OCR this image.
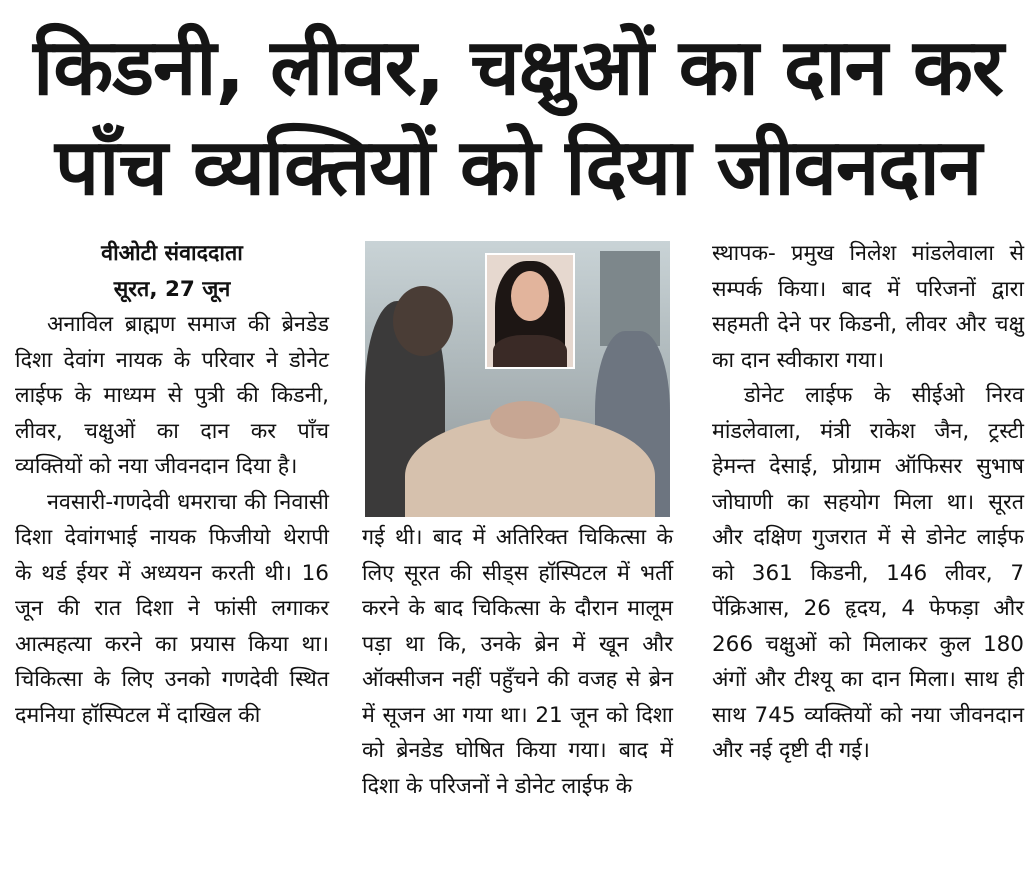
किडनी, लीवर, चक्षुओं का दान कर
पाँच व्यक्तियों को दिया जीवनदान

वीओटी संवाददाता

सूरत, 27 जून

अनाविल ब्राह्मण समाज की ब्रेनडेड दिशा देवांग नायक के परिवार ने डोनेट लाईफ के माध्यम से पुत्री की किडनी, लीवर, चक्षुओं का दान कर पाँच व्यक्तियों को नया जीवनदान दिया है।

नवसारी-गणदेवी धमराचा की निवासी दिशा देवांगभाई नायक फिजीयो थेरापी के थर्ड ईयर में अध्ययन करती थी। 16 जून की रात दिशा ने फांसी लगाकर आत्महत्या करने का प्रयास किया था। चिकित्सा के लिए उनको गणदेवी स्थित दमनिया हॉस्पिटल में दाखिल की

गई थी। बाद में अतिरिक्त चिकित्सा के लिए सूरत की सीड्स हॉस्पिटल में भर्ती करने के बाद चिकित्सा के दौरान मालूम पड़ा था कि, उनके ब्रेन में खून और ऑक्सीजन नहीं पहुँचने की वजह से ब्रेन में सूजन आ गया था। 21 जून को दिशा को ब्रेनडेड घोषित किया गया। बाद में दिशा के परिजनों ने डोनेट लाईफ के

स्थापक- प्रमुख निलेश मांडलेवाला से सम्पर्क किया। बाद में परिजनों द्वारा सहमती देने पर किडनी, लीवर और चक्षु का दान स्वीकारा गया।

डोनेट लाईफ के सीईओ निरव मांडलेवाला, मंत्री राकेश जैन, ट्रस्टी हेमन्त देसाई, प्रोग्राम ऑफिसर सुभाष जोघाणी का सहयोग मिला था। सूरत और दक्षिण गुजरात में से डोनेट लाईफ को 361 किडनी, 146 लीवर, 7 पेंक्रिआस, 26 हृदय, 4 फेफड़ा और 266 चक्षुओं को मिलाकर कुल 180 अंगों और टीश्यू का दान मिला। साथ ही साथ 745 व्यक्तियों को नया जीवनदान और नई दृष्टी दी गई।
